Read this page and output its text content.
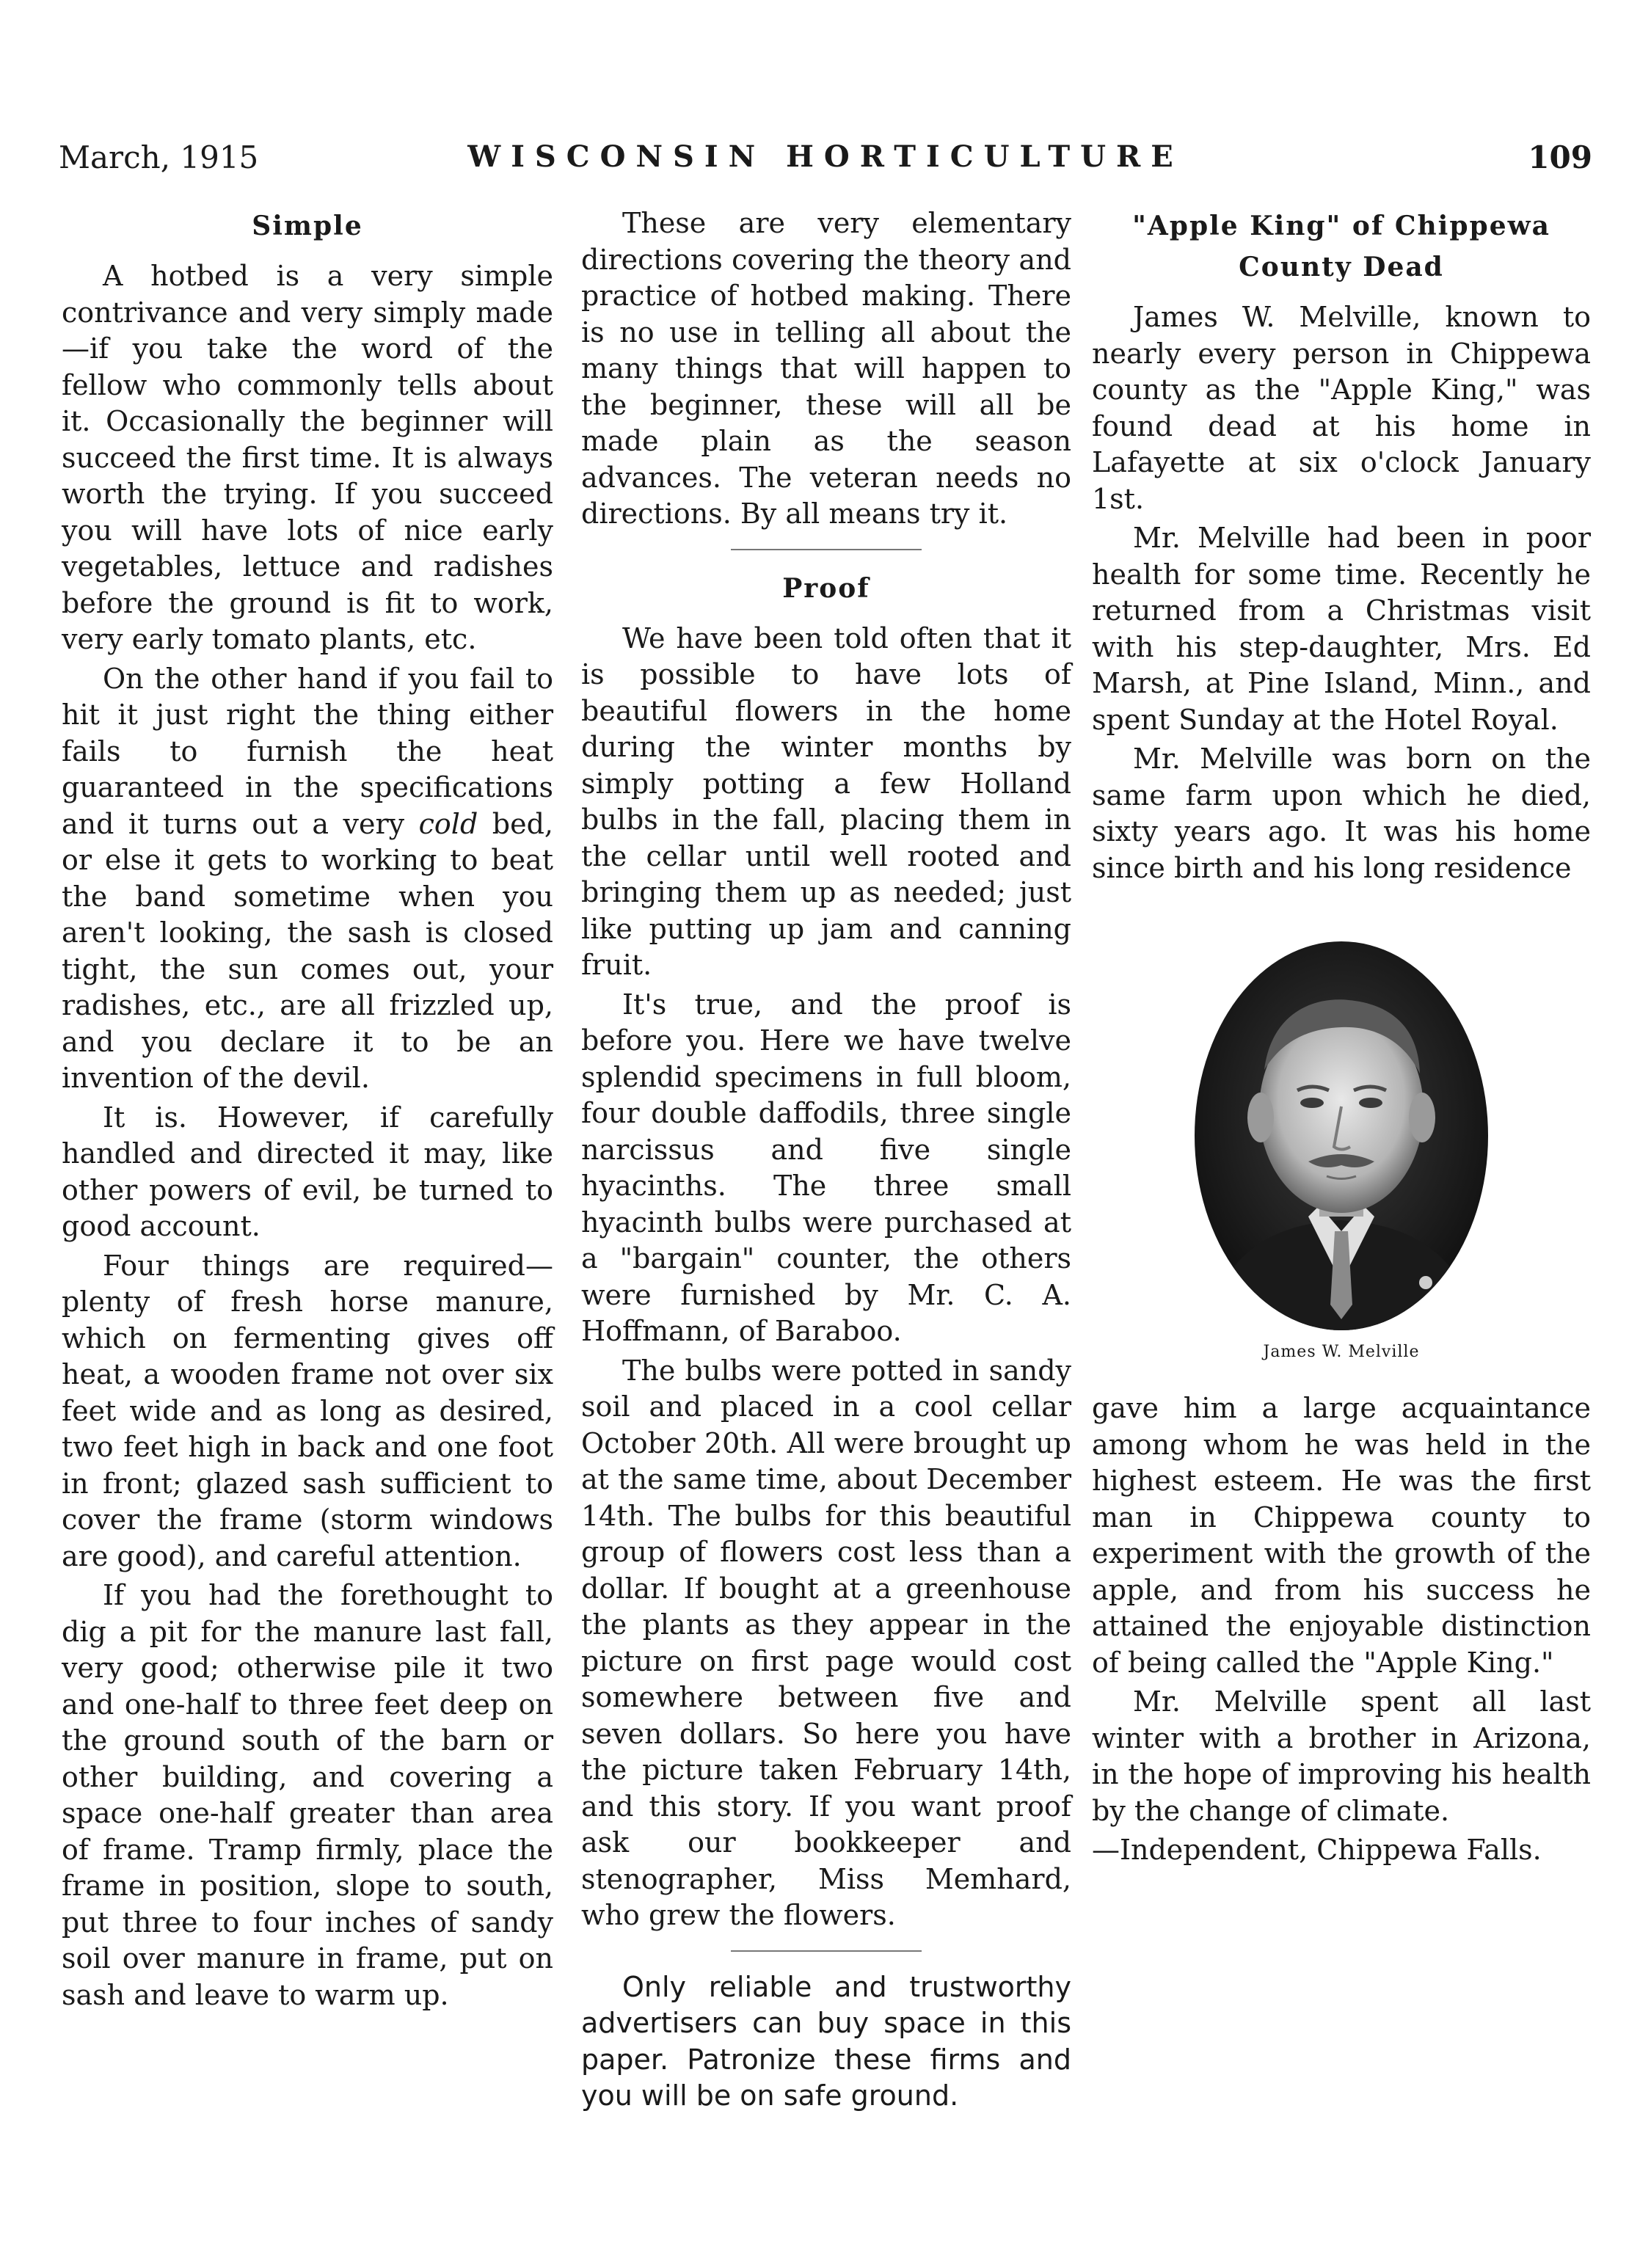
March, 1915	WISCONSIN HORTICULTURE	109
Simple

A hotbed is a very simple contrivance and very simply made—if you take the word of the fellow who commonly tells about it. Occasionally the beginner will succeed the first time. It is always worth the trying. If you succeed you will have lots of nice early vegetables, lettuce and radishes before the ground is fit to work, very early tomato plants, etc.

On the other hand if you fail to hit it just right the thing either fails to furnish the heat guaranteed in the specifications and it turns out a very cold bed, or else it gets to working to beat the band sometime when you aren't looking, the sash is closed tight, the sun comes out, your radishes, etc., are all frizzled up, and you declare it to be an invention of the devil.

It is. However, if carefully handled and directed it may, like other powers of evil, be turned to good account.

Four things are required—plenty of fresh horse manure, which on fermenting gives off heat, a wooden frame not over six feet wide and as long as desired, two feet high in back and one foot in front; glazed sash sufficient to cover the frame (storm windows are good), and careful attention.

If you had the forethought to dig a pit for the manure last fall, very good; otherwise pile it two and one-half to three feet deep on the ground south of the barn or other building, and covering a space one-half greater than area of frame. Tramp firmly, place the frame in position, slope to south, put three to four inches of sandy soil over manure in frame, put on sash and leave to warm up.

These are very elementary directions covering the theory and practice of hotbed making. There is no use in telling all about the many things that will happen to the beginner, these will all be made plain as the season advances. The veteran needs no directions. By all means try it.

Proof

We have been told often that it is possible to have lots of beautiful flowers in the home during the winter months by simply potting a few Holland bulbs in the fall, placing them in the cellar until well rooted and bringing them up as needed; just like putting up jam and canning fruit.

It's true, and the proof is before you. Here we have twelve splendid specimens in full bloom, four double daffodils, three single narcissus and five single hyacinths. The three small hyacinth bulbs were purchased at a "bargain" counter, the others were furnished by Mr. C. A. Hoffmann, of Baraboo.

The bulbs were potted in sandy soil and placed in a cool cellar October 20th. All were brought up at the same time, about December 14th. The bulbs for this beautiful group of flowers cost less than a dollar. If bought at a greenhouse the plants as they appear in the picture on first page would cost somewhere between five and seven dollars. So here you have the picture taken February 14th, and this story. If you want proof ask our bookkeeper and stenographer, Miss Memhard, who grew the flowers.

Only reliable and trustworthy advertisers can buy space in this paper. Patronize these firms and you will be on safe ground.

"Apple King" of Chippewa
County Dead

James W. Melville, known to nearly every person in Chippewa county as the "Apple King," was found dead at his home in Lafayette at six o'clock January 1st.

Mr. Melville had been in poor health for some time. Recently he returned from a Christmas visit with his step-daughter, Mrs. Ed Marsh, at Pine Island, Minn., and spent Sunday at the Hotel Royal.

Mr. Melville was born on the same farm upon which he died, sixty years ago. It was his home since birth and his long residence

James W. Melville

gave him a large acquaintance among whom he was held in the highest esteem. He was the first man in Chippewa county to experiment with the growth of the apple, and from his success he attained the enjoyable distinction of being called the "Apple King."

Mr. Melville spent all last winter with a brother in Arizona, in the hope of improving his health by the change of climate.

—Independent, Chippewa Falls.
